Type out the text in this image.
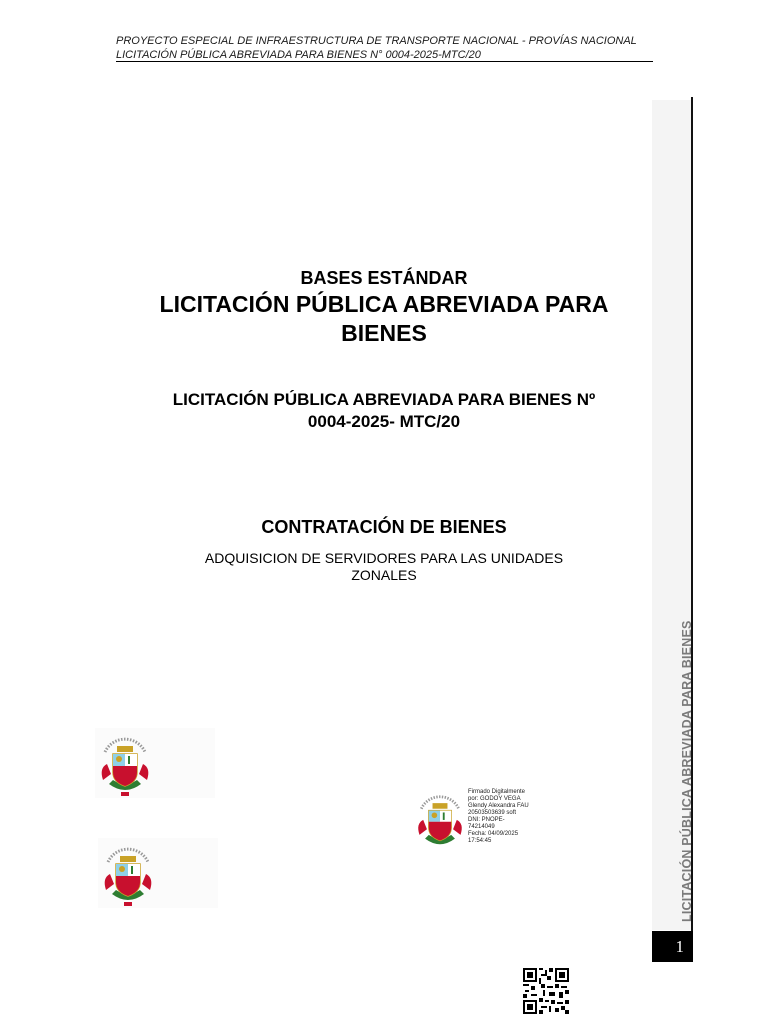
PROYECTO ESPECIAL DE INFRAESTRUCTURA DE TRANSPORTE NACIONAL - PROVÍAS NACIONAL
LICITACIÓN PÚBLICA ABREVIADA PARA BIENES N° 0004-2025-MTC/20
LICITACIÓN PÚBLICA ABREVIADA PARA BIENES
1
BASES ESTÁNDAR
LICITACIÓN PÚBLICA ABREVIADA PARA BIENES
LICITACIÓN PÚBLICA ABREVIADA PARA BIENES Nº 0004-2025- MTC/20
CONTRATACIÓN DE BIENES
ADQUISICION DE SERVIDORES PARA LAS UNIDADES ZONALES
Firmado Digitalmente
por: GODOY VEGA
Glendy Alexandra FAU
20503503639 soft
DNI: PNOPE-
74214049
Fecha: 04/09/2025
17:54:45
